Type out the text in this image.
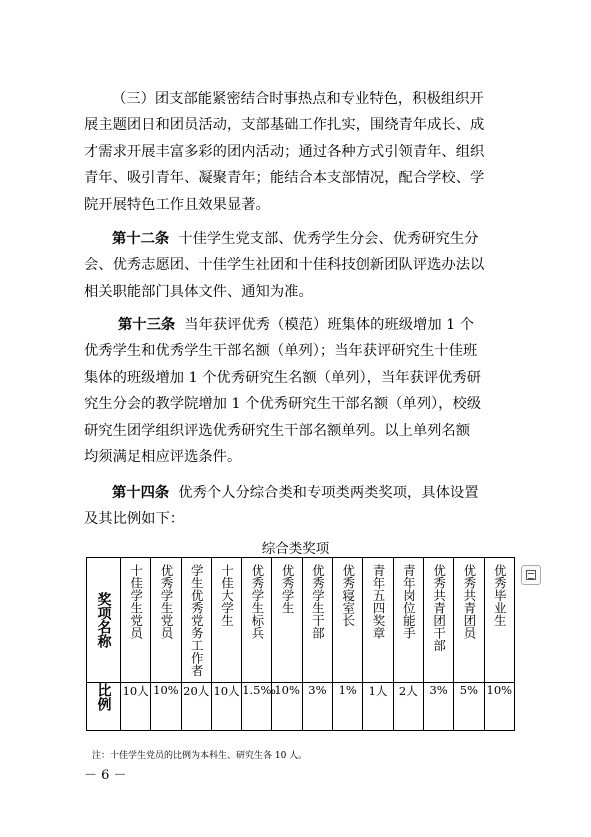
（三）团支部能紧密结合时事热点和专业特色，积极组织开

展主题团日和团员活动，支部基础工作扎实，围绕青年成长、成

才需求开展丰富多彩的团内活动；通过各种方式引领青年、组织

青年、吸引青年、凝聚青年；能结合本支部情况，配合学校、学

院开展特色工作且效果显著。

第十二条 十佳学生党支部、优秀学生分会、优秀研究生分

会、优秀志愿团、十佳学生社团和十佳科技创新团队评选办法以

相关职能部门具体文件、通知为准。

第十三条 当年获评优秀（模范）班集体的班级增加 1 个

优秀学生和优秀学生干部名额（单列）；当年获评研究生十佳班

集体的班级增加 1 个优秀研究生名额（单列），当年获评优秀研

究生分会的教学院增加 1 个优秀研究生干部名额（单列），校级

研究生团学组织评选优秀研究生干部名额单列。以上单列名额

均须满足相应评选条件。

第十四条 优秀个人分综合类和专项类两类奖项，具体设置

及其比例如下：

综合类奖项
奖项名称	十佳学生党员	优秀学生党员	学生优秀党务工作者	十佳大学生	优秀学生标兵	优秀学生	优秀学生干部	优秀寝室长	青年五四奖章	青年岗位能手	优秀共青团干部	优秀共青团员	优秀毕业生

比例	10人	10%	20人	10人	1.5‰	10%	3%	1%	1人	2人	3%	5%	10%
注：十佳学生党员的比例为本科生、研究生各 10 人。
－ 6 －
